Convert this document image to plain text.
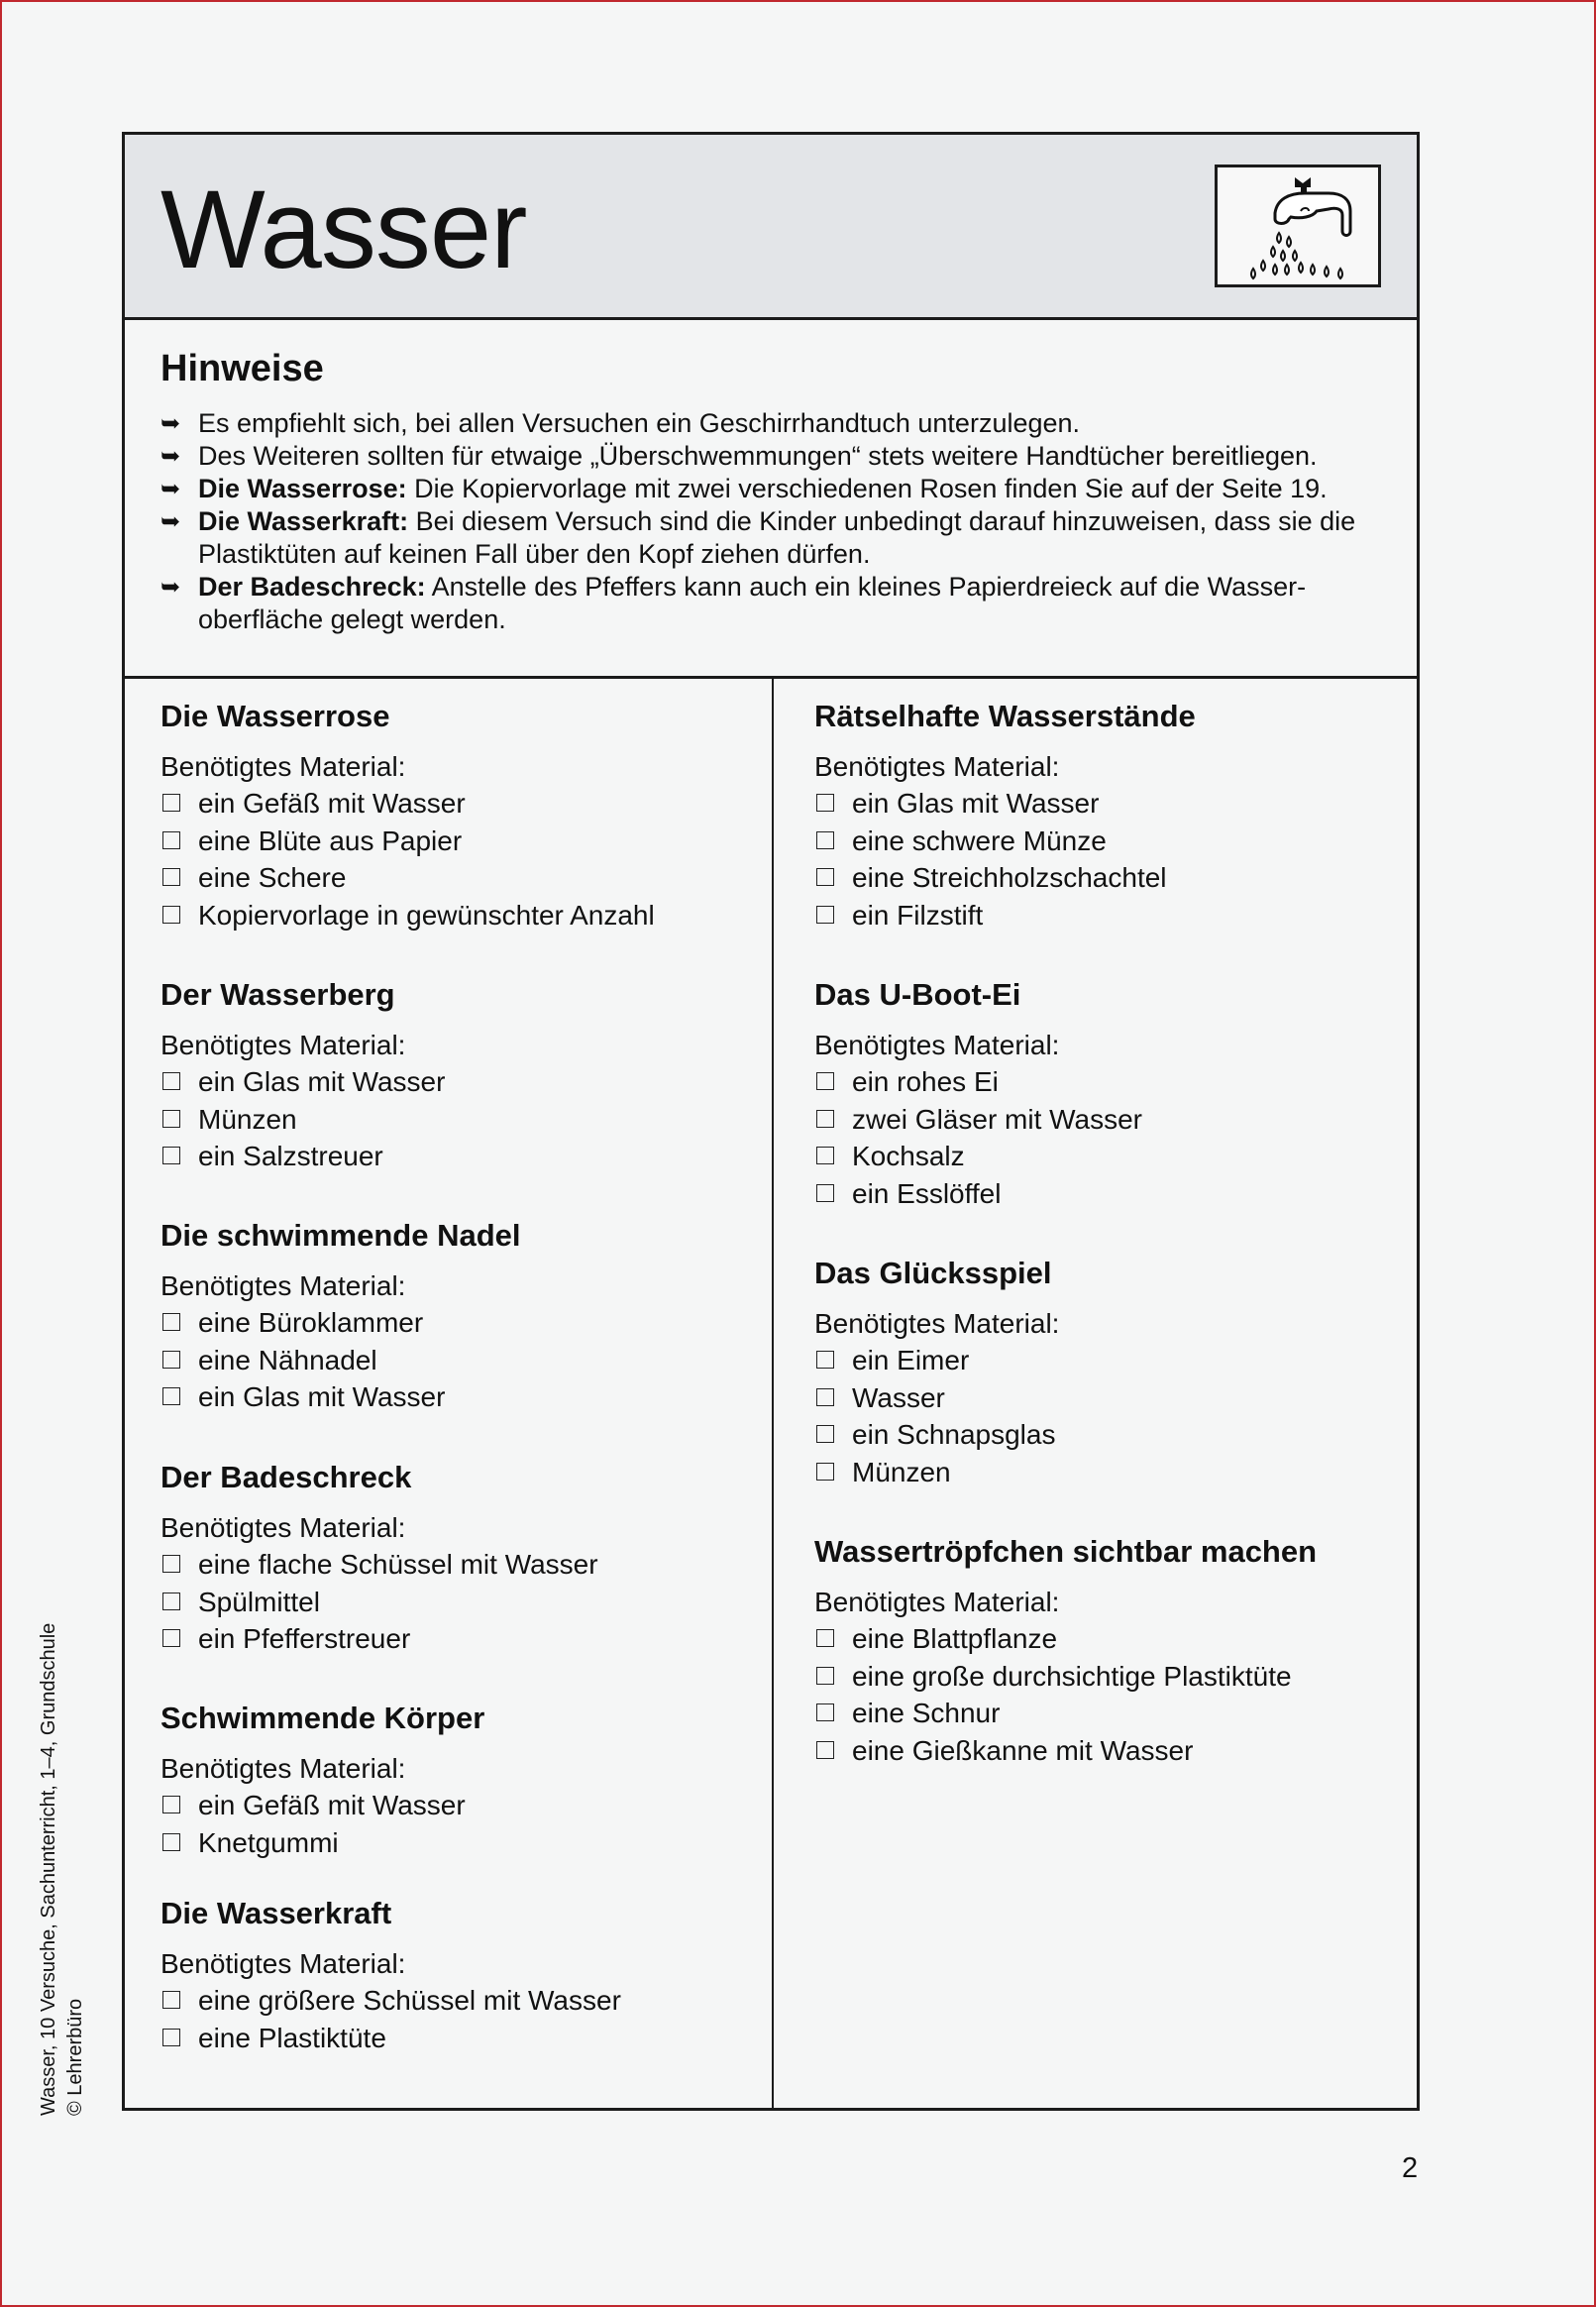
Wasser
Hinweise
➥ Es empfiehlt sich, bei allen Versuchen ein Geschirrhandtuch unterzulegen.
➥ Des Weiteren sollten für etwaige „Überschwemmungen“ stets weitere Handtücher bereitliegen.
➥ Die Wasserrose: Die Kopiervorlage mit zwei verschiedenen Rosen finden Sie auf der Seite 19.
➥ Die Wasserkraft: Bei diesem Versuch sind die Kinder unbedingt darauf hinzuweisen, dass sie die Plastiktüten auf keinen Fall über den Kopf ziehen dürfen.
➥ Der Badeschreck: Anstelle des Pfeffers kann auch ein kleines Papierdreieck auf die Wasser-oberfläche gelegt werden.
Die Wasserrose
Benötigtes Material:
ein Gefäß mit Wasser
eine Blüte aus Papier
eine Schere
Kopiervorlage in gewünschter Anzahl
Der Wasserberg
Benötigtes Material:
ein Glas mit Wasser
Münzen
ein Salzstreuer
Die schwimmende Nadel
Benötigtes Material:
eine Büroklammer
eine Nähnadel
ein Glas mit Wasser
Der Badeschreck
Benötigtes Material:
eine flache Schüssel mit Wasser
Spülmittel
ein Pfefferstreuer
Schwimmende Körper
Benötigtes Material:
ein Gefäß mit Wasser
Knetgummi
Die Wasserkraft
Benötigtes Material:
eine größere Schüssel mit Wasser
eine Plastiktüte
Rätselhafte Wasserstände
Benötigtes Material:
ein Glas mit Wasser
eine schwere Münze
eine Streichholzschachtel
ein Filzstift
Das U-Boot-Ei
Benötigtes Material:
ein rohes Ei
zwei Gläser mit Wasser
Kochsalz
ein Esslöffel
Das Glücksspiel
Benötigtes Material:
ein Eimer
Wasser
ein Schnapsglas
Münzen
Wassertröpfchen sichtbar machen
Benötigtes Material:
eine Blattpflanze
eine große durchsichtige Plastiktüte
eine Schnur
eine Gießkanne mit Wasser
Wasser, 10 Versuche, Sachunterricht, 1–4, Grundschule © Lehrerbüro
2
